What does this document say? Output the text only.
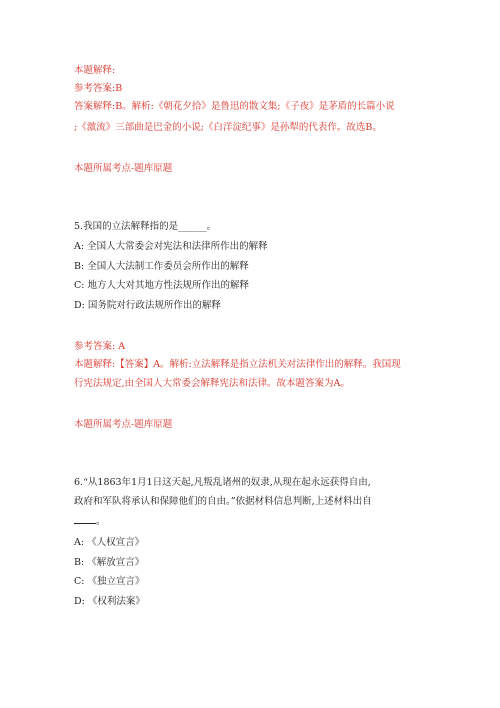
本题解释:
参考答案:B
答案解释:B。解析:《朝花夕拾》是鲁迅的散文集;《子夜》是茅盾的长篇小说
;《激流》三部曲是巴金的小说;《白洋淀纪事》是孙犁的代表作。故选B。
本题所属考点-题库原题
5.我国的立法解释指的是______。
A: 全国人大常委会对宪法和法律所作出的解释
B: 全国人大法制工作委员会所作出的解释
C: 地方人大对其地方性法规所作出的解释
D: 国务院对行政法规所作出的解释
参考答案: A
本题解释:【答案】A。解析:立法解释是指立法机关对法律作出的解释。我国现
行宪法规定,由全国人大常委会解释宪法和法律。故本题答案为A。
本题所属考点-题库原题
6.“从1863年1月1日这天起,凡叛乱诸州的奴隶,从现在起永远获得自由,
政府和军队将承认和保障他们的自由。”依据材料信息判断,上述材料出自
。
A: 《人权宣言》
B: 《解放宣言》
C: 《独立宣言》
D: 《权利法案》
